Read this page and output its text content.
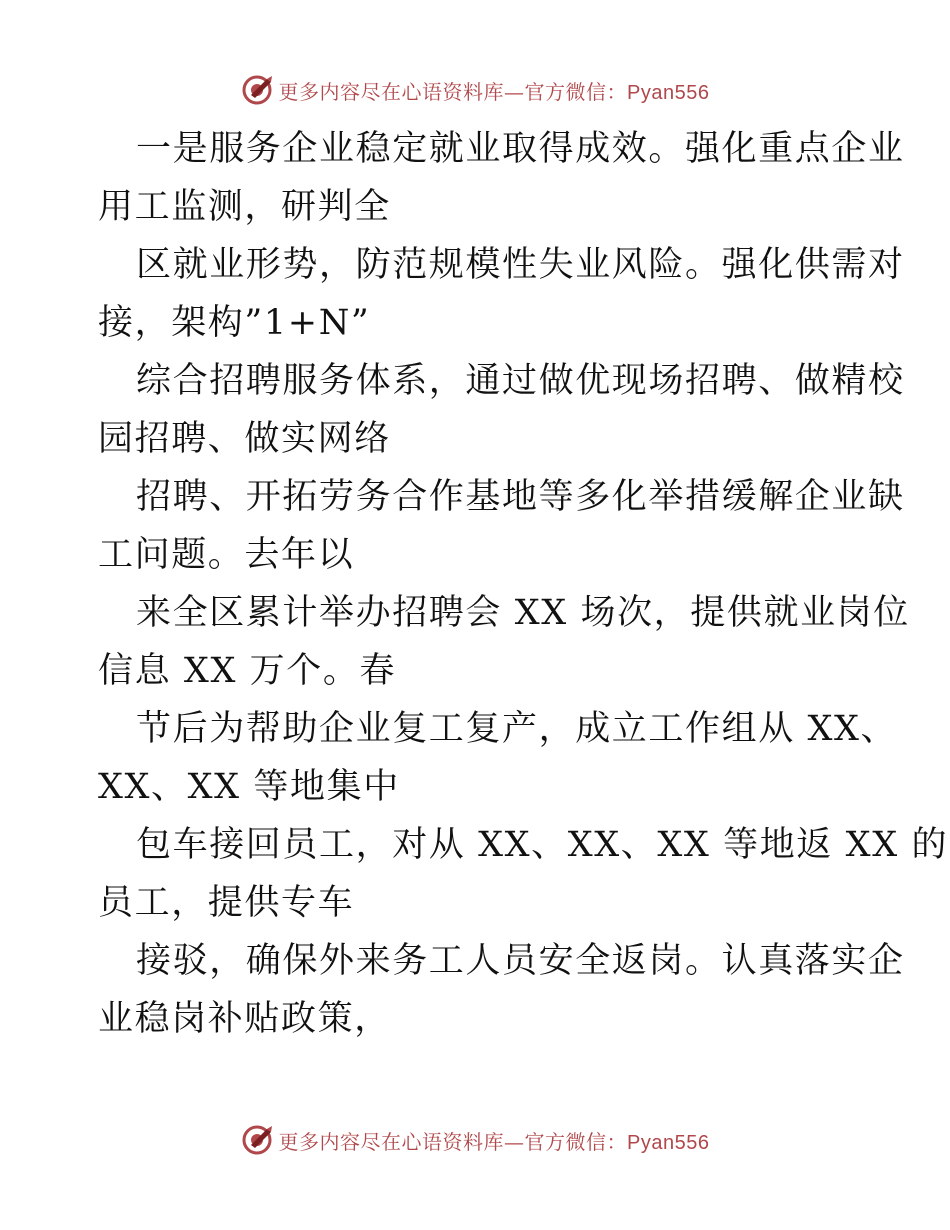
更多内容尽在心语资料库—官方微信：Pyan556
一是服务企业稳定就业取得成效。强化重点企业
用工监测，研判全
区就业形势，防范规模性失业风险。强化供需对
接，架构”1+N”
综合招聘服务体系，通过做优现场招聘、做精校
园招聘、做实网络
招聘、开拓劳务合作基地等多化举措缓解企业缺
工问题。去年以
来全区累计举办招聘会 XX 场次，提供就业岗位
信息 XX 万个。春
节后为帮助企业复工复产，成立工作组从 XX、
XX、XX 等地集中
包车接回员工，对从 XX、XX、XX 等地返 XX 的
员工，提供专车
接驳，确保外来务工人员安全返岗。认真落实企
业稳岗补贴政策，
更多内容尽在心语资料库—官方微信：Pyan556
